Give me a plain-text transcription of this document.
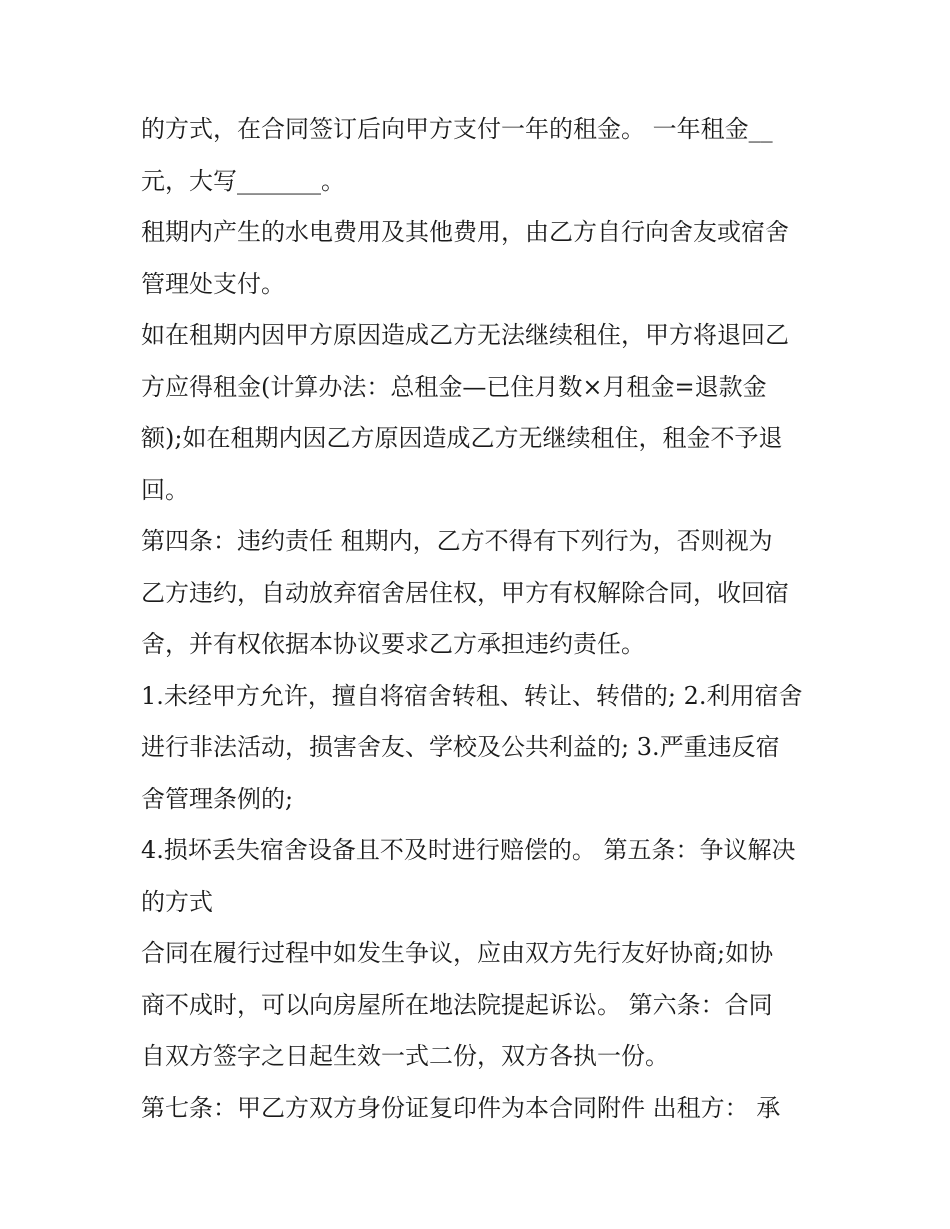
的方式，在合同签订后向甲方支付一年的租金。 一年租金__
元，大写_______。
租期内产生的水电费用及其他费用，由乙方自行向舍友或宿舍
管理处支付。
如在租期内因甲方原因造成乙方无法继续租住，甲方将退回乙
方应得租金(计算办法：总租金—已住月数×月租金=退款金
额);如在租期内因乙方原因造成乙方无继续租住，租金不予退
回。
第四条：违约责任 租期内，乙方不得有下列行为，否则视为
乙方违约，自动放弃宿舍居住权，甲方有权解除合同，收回宿
舍，并有权依据本协议要求乙方承担违约责任。
1.未经甲方允许，擅自将宿舍转租、转让、转借的; 2.利用宿舍
进行非法活动，损害舍友、学校及公共利益的; 3.严重违反宿
舍管理条例的;
4.损坏丢失宿舍设备且不及时进行赔偿的。 第五条：争议解决
的方式
合同在履行过程中如发生争议，应由双方先行友好协商;如协
商不成时，可以向房屋所在地法院提起诉讼。 第六条：合同
自双方签字之日起生效一式二份，双方各执一份。
第七条：甲乙方双方身份证复印件为本合同附件 出租方： 承
